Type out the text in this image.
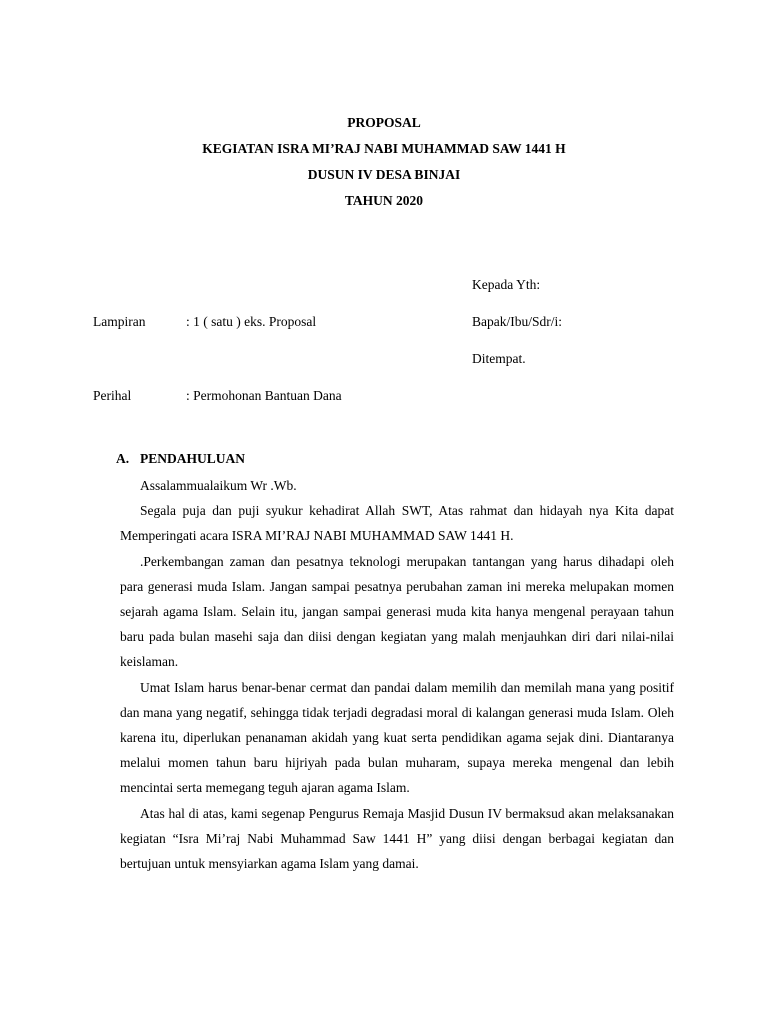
PROPOSAL
KEGIATAN ISRA MI’RAJ NABI MUHAMMAD SAW 1441 H
DUSUN IV DESA BINJAI
TAHUN 2020
Kepada Yth:
Bapak/Ibu/Sdr/i:
Ditempat.
Lampiran	: 1 ( satu ) eks. Proposal
Perihal	: Permohonan Bantuan Dana
A. PENDAHULUAN

Assalammualaikum Wr .Wb.

Segala puja dan puji syukur kehadirat Allah SWT, Atas rahmat dan hidayah nya Kita dapat Memperingati acara ISRA MI’RAJ NABI MUHAMMAD SAW 1441 H.

.Perkembangan zaman dan pesatnya teknologi merupakan tantangan yang harus dihadapi oleh para generasi muda Islam. Jangan sampai pesatnya perubahan zaman ini mereka melupakan momen sejarah agama Islam. Selain itu, jangan sampai generasi muda kita hanya mengenal perayaan tahun baru pada bulan masehi saja dan diisi dengan kegiatan yang malah menjauhkan diri dari nilai-nilai keislaman.

Umat Islam harus benar-benar cermat dan pandai dalam memilih dan memilah mana yang positif dan mana yang negatif, sehingga tidak terjadi degradasi moral di kalangan generasi muda Islam. Oleh karena itu, diperlukan penanaman akidah yang kuat serta pendidikan agama sejak dini. Diantaranya melalui momen tahun baru hijriyah pada bulan muharam, supaya mereka mengenal dan lebih mencintai serta memegang teguh ajaran agama Islam.

Atas hal di atas, kami segenap Pengurus Remaja Masjid Dusun IV bermaksud akan melaksanakan kegiatan “Isra Mi’raj Nabi Muhammad Saw 1441 H” yang diisi dengan berbagai kegiatan dan bertujuan untuk mensyiarkan agama Islam yang damai.
